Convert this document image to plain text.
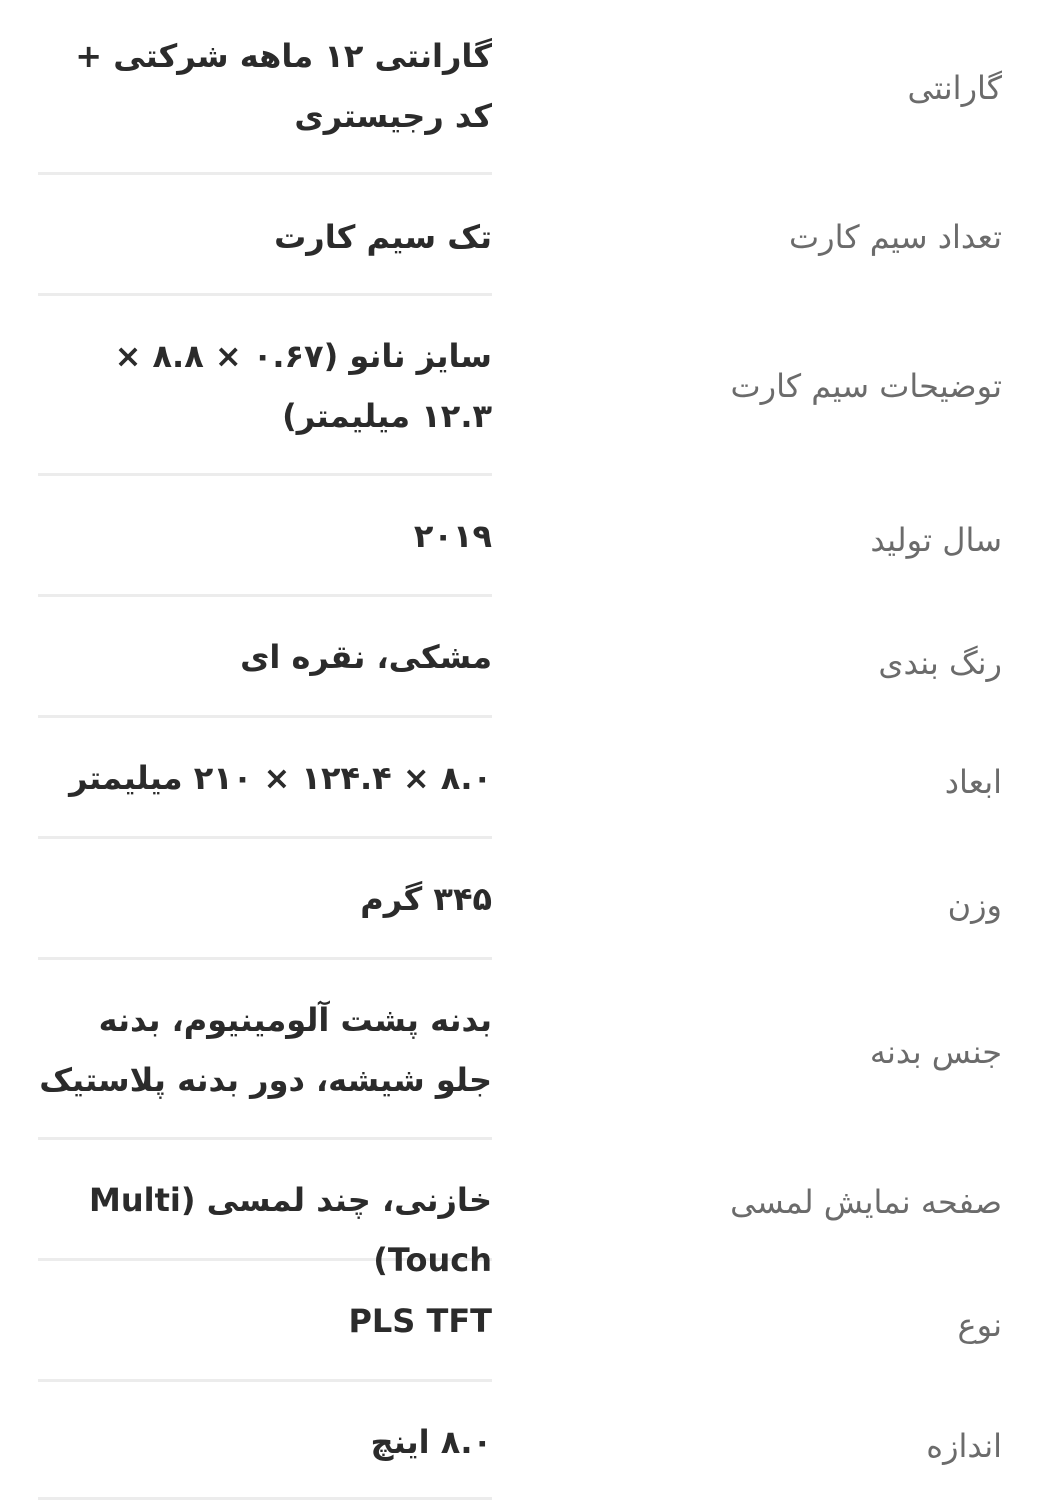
گارانتی
گارانتی ۱۲ ماهه شرکتی + کد رجیستری
تعداد سیم کارت
تک سیم کارت
توضیحات سیم کارت
سایز نانو (۰.۶۷ × ۸.۸ × ۱۲.۳ میلیمتر)
سال تولید
۲۰۱۹
رنگ بندی
مشکی، نقره ای
ابعاد
۸.۰ × ۱۲۴.۴ × ۲۱۰ میلیمتر
وزن
۳۴۵ گرم
جنس بدنه
بدنه پشت آلومینیوم، بدنه جلو شیشه، دور بدنه پلاستیک
صفحه نمایش لمسی
خازنی، چند لمسی (Multi Touch)
نوع
PLS TFT
اندازه
۸.۰ اینچ
